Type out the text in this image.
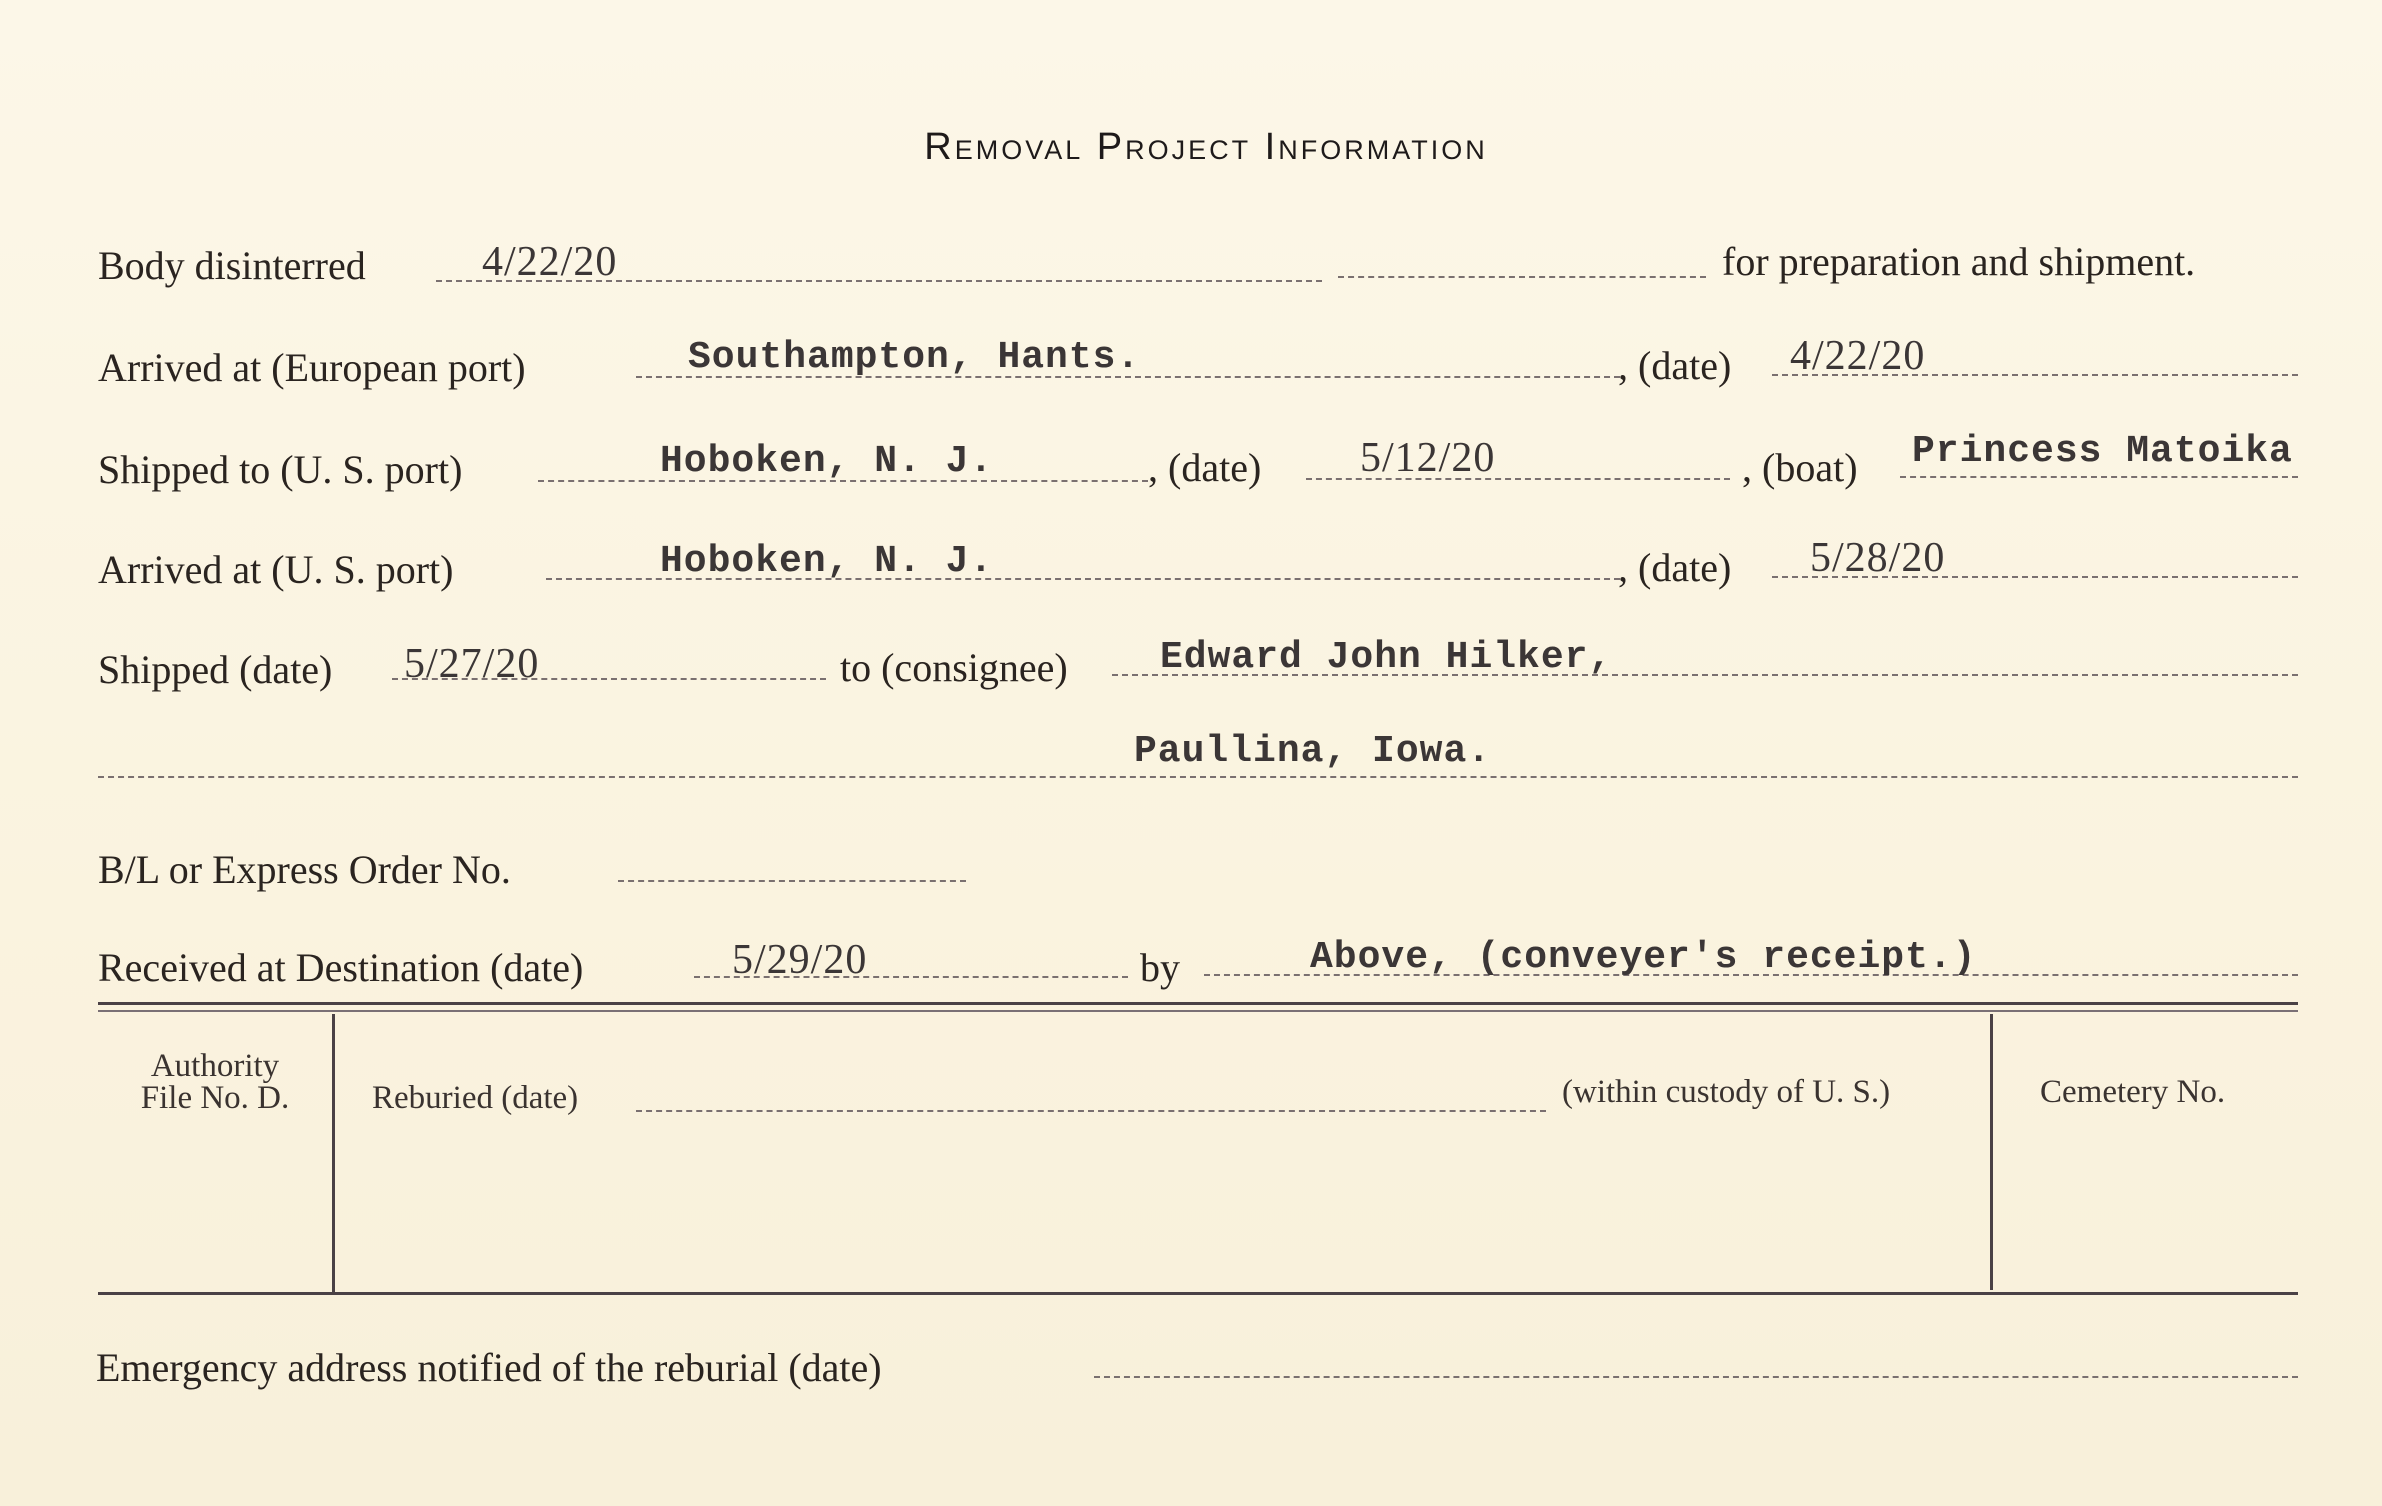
Removal Project Information
Body disinterred	4/22/20	for preparation and shipment.
Arrived at (European port)	Southampton, Hants.	, (date) 4/22/20
Shipped to (U. S. port)	Hoboken, N. J.	, (date) 5/12/20	, (boat) Princess Matoika
Arrived at (U. S. port)	Hoboken, N. J.	, (date) 5/28/20
Shipped (date) 5/27/20	to (consignee) Edward John Hilker,
Paullina, Iowa.
B/L or Express Order No.
Received at Destination (date)	5/29/20	by	Above, (conveyer's receipt.)
Authority
File No. D.	Reburied (date)	(within custody of U. S.)	Cemetery No.
Emergency address notified of the reburial (date)
